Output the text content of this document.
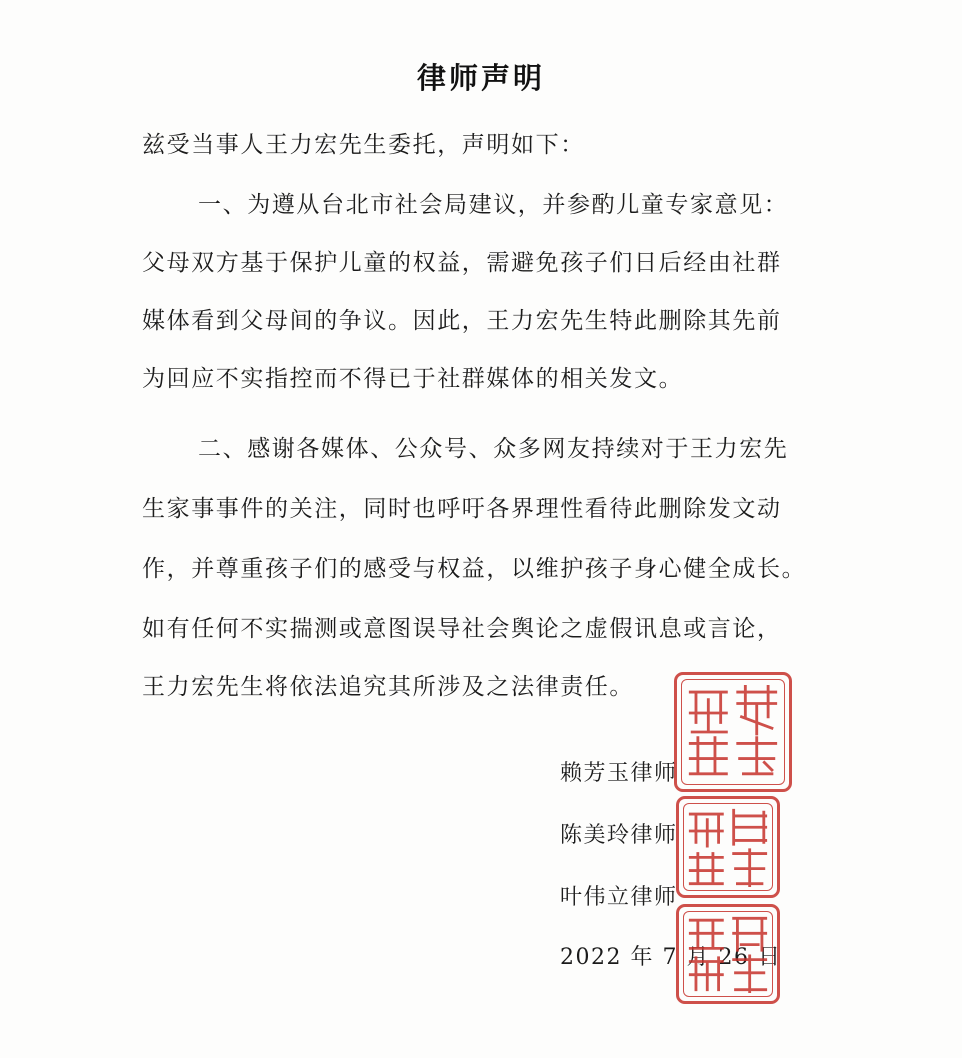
律师声明
兹受当事人王力宏先生委托，声明如下：
一、为遵从台北市社会局建议，并参酌儿童专家意见：
父母双方基于保护儿童的权益，需避免孩子们日后经由社群
媒体看到父母间的争议。因此，王力宏先生特此删除其先前
为回应不实指控而不得已于社群媒体的相关发文。
二、感谢各媒体、公众号、众多网友持续对于王力宏先
生家事事件的关注，同时也呼吁各界理性看待此删除发文动
作，并尊重孩子们的感受与权益，以维护孩子身心健全成长。
如有任何不实揣测或意图误导社会舆论之虚假讯息或言论，
王力宏先生将依法追究其所涉及之法律责任。
赖芳玉律师
陈美玲律师
叶伟立律师
2022 年 7 月 26 日
